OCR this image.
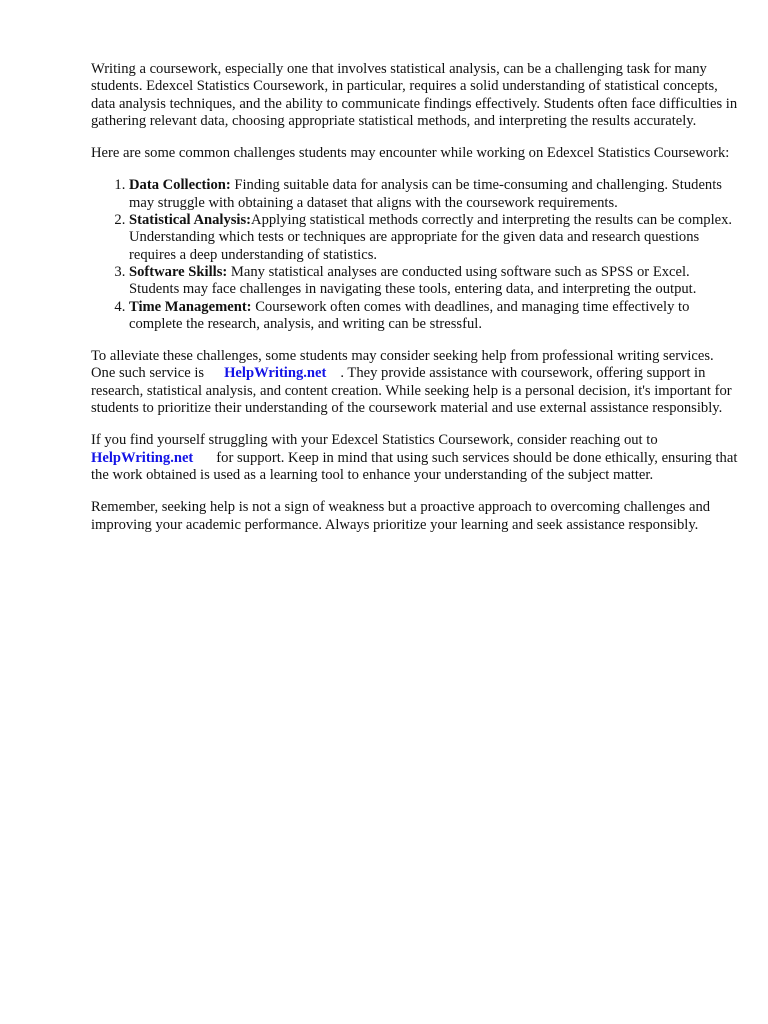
Writing a coursework, especially one that involves statistical analysis, can be a challenging task for many students. Edexcel Statistics Coursework, in particular, requires a solid understanding of statistical concepts, data analysis techniques, and the ability to communicate findings effectively. Students often face difficulties in gathering relevant data, choosing appropriate statistical methods, and interpreting the results accurately.

Here are some common challenges students may encounter while working on Edexcel Statistics Coursework:

1. Data Collection: Finding suitable data for analysis can be time-consuming and challenging. Students may struggle with obtaining a dataset that aligns with the coursework requirements.
2. Statistical Analysis:Applying statistical methods correctly and interpreting the results can be complex. Understanding which tests or techniques are appropriate for the given data and research questions requires a deep understanding of statistics.
3. Software Skills: Many statistical analyses are conducted using software such as SPSS or Excel. Students may face challenges in navigating these tools, entering data, and interpreting the output.
4. Time Management: Coursework often comes with deadlines, and managing time effectively to complete the research, analysis, and writing can be stressful.

To alleviate these challenges, some students may consider seeking help from professional writing services. One such service is HelpWriting.net . They provide assistance with coursework, offering support in research, statistical analysis, and content creation. While seeking help is a personal decision, it's important for students to prioritize their understanding of the coursework material and use external assistance responsibly.

If you find yourself struggling with your Edexcel Statistics Coursework, consider reaching out to HelpWriting.net for support. Keep in mind that using such services should be done ethically, ensuring that the work obtained is used as a learning tool to enhance your understanding of the subject matter.

Remember, seeking help is not a sign of weakness but a proactive approach to overcoming challenges and improving your academic performance. Always prioritize your learning and seek assistance responsibly.
